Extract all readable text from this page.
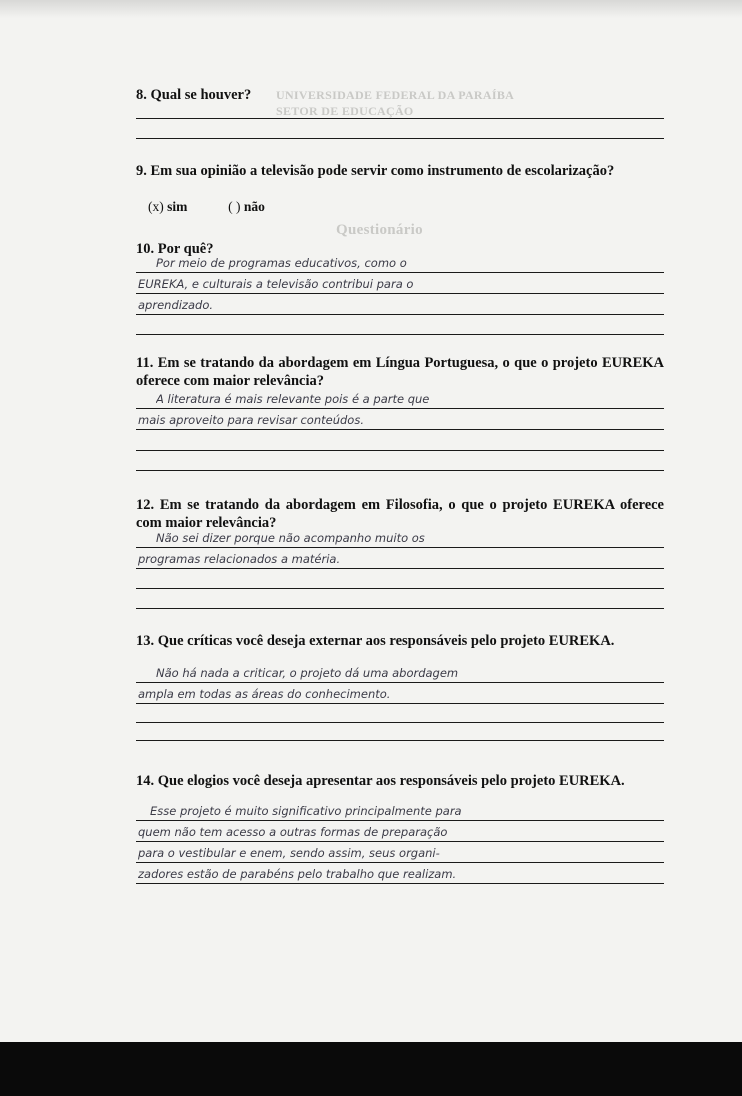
UNIVERSIDADE FEDERAL DA PARAÍBA
SETOR DE EDUCAÇÃO
Questionário
8. Qual se houver?
9. Em sua opinião a televisão pode servir como instrumento de escolarização?
(x) sim	( ) não
10. Por quê?
Por meio de programas educativos, como o
EUREKA, e culturais a televisão contribui para o
aprendizado.
11. Em se tratando da abordagem em Língua Portuguesa, o que o projeto EUREKA oferece com maior relevância?
A literatura é mais relevante pois é a parte que
mais aproveito para revisar conteúdos.
12. Em se tratando da abordagem em Filosofia, o que o projeto EUREKA oferece com maior relevância?
Não sei dizer porque não acompanho muito os
programas relacionados a matéria.
13. Que críticas você deseja externar aos responsáveis pelo projeto EUREKA.
Não há nada a criticar, o projeto dá uma abordagem
ampla em todas as áreas do conhecimento.
14. Que elogios você deseja apresentar aos responsáveis pelo projeto EUREKA.
Esse projeto é muito significativo principalmente para
quem não tem acesso a outras formas de preparação
para o vestibular e enem, sendo assim, seus organi-
zadores estão de parabéns pelo trabalho que realizam.
